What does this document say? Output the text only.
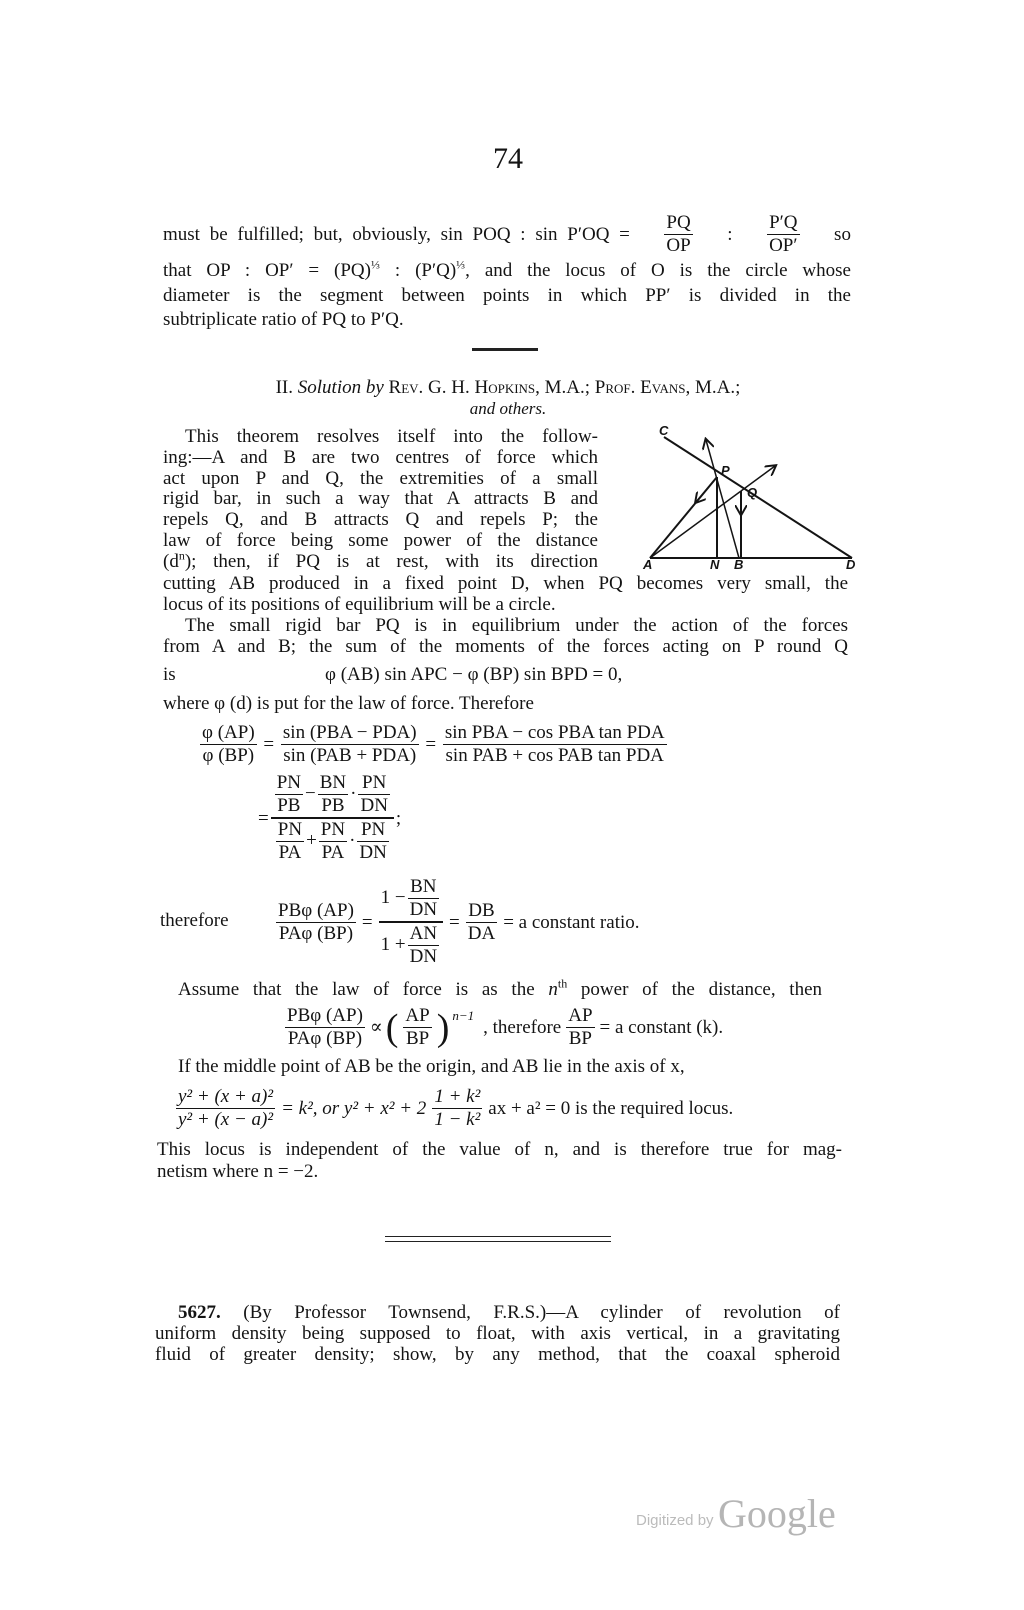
74
must be fulfilled; but, obviously, sin POQ : $\sin P'OQ = \frac{PQ}{OP}$ : $\frac{P'Q}{OP'}$ so
that OP : OP′ = (PQ)$^{\frac{1}{3}}$ : $(P'Q)^{\frac{1}{3}}$, and the locus of O is the circle whose
diameter is the segment between points in which PP′ is divided in the
subtriplicate ratio of PQ to P′Q.
II. Solution by Rev. G. H. Hopkins, M.A.; Prof. Evans, M.A.;
and others.
This theorem resolves itself into the follow-
ing:—A and B are two centres of force which
act upon P and Q, the extremities of a small
rigid bar, in such a way that A attracts B and
repels Q, and B attracts Q and repels P; the
law of force being some power of the distance
$(d^n)$; then, if PQ is at rest, with its direction
C
P
Q
A	N B	D
cutting AB produced in a fixed point D, when PQ becomes very small, the
locus of its positions of equilibrium will be a circle.
The small rigid bar PQ is in equilibrium under the action of the forces
from A and B; the sum of the moments of the forces acting on P round Q
is	φ (AB) sin APC − φ (BP) sin BPD = 0,
where φ (d) is put for the law of force. Therefore
$\frac{\varphi (AP)}{\varphi (BP)} = \frac{\text{sin (PBA − PDA)}}{\text{sin (PAB + PDA)}} = \frac{\text{sin PBA − cos PBA tan PDA}}{\text{sin PAB + cos PAB tan PDA}}$
= $\frac{\frac{PN}{PB} - \frac{BN}{PB} \cdot \frac{PN}{DN}}{\frac{PN}{PA} + \frac{PN}{PA} \cdot \frac{PN}{DN}}$ ;
therefore $\frac{\text{PBφ (AP)}}{\text{PAφ (BP)}} = \frac{1 - \frac{BN}{DN}}{1 + \frac{AN}{DN}} = \frac{DB}{DA} = a$ constant ratio.
Assume that the law of force is as the $n^{th}$ power of the distance, then
$\frac{\text{PBφ (AP)}}{\text{PAφ (BP)}}$ ∝ ( $\frac{AP}{BP}$ ) n−1
, therefore $\frac{AP}{BP} = a$ constant (k).
If the middle point of AB be the origin, and AB lie in the axis of x,
$\frac{\text{y² + (x + a)²}}{\text{y² + (x − a)²}} = k^2$, or $y^2 + x^2 + 2 \frac{\text{1 + k²}}{\text{1 − k²}}$ ax + a² = 0 is the required locus.
This locus is independent of the value of n, and is therefore true for mag-
netism where n = −2.
5627. (By Professor Townsend, F.R.S.)—A cylinder of revolution of
uniform density being supposed to float, with axis vertical, in a gravitating
fluid of greater density; show, by any method, that the coaxal spheroid
Digitized by Google
